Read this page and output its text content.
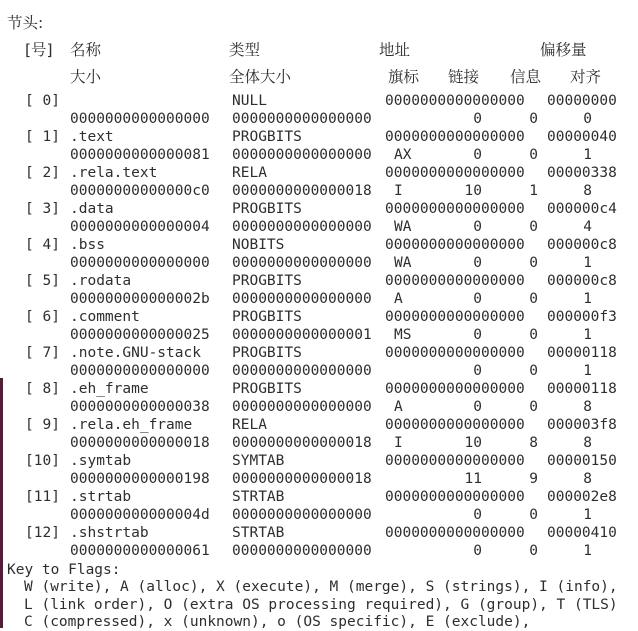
节头:
[号] 名称	类型	地址	偏移量
大小	全体大小	旗标 链接 信息 对齐
[ 0]	NULL	0000000000000000 00000000
0000000000000000 0000000000000000	0	0	0
[ 1] .text	PROGBITS	0000000000000000 00000040
0000000000000081 0000000000000000 AX	0	0	1
[ 2] .rela.text	RELA	0000000000000000 00000338
00000000000000c0 0000000000000018 I	10	1	8
[ 3] .data	PROGBITS	0000000000000000 000000c4
0000000000000004 0000000000000000 WA	0	0	4
[ 4] .bss	NOBITS	0000000000000000 000000c8
0000000000000000 0000000000000000 WA	0	0	1
[ 5] .rodata	PROGBITS	0000000000000000 000000c8
000000000000002b 0000000000000000 A	0	0	1
[ 6] .comment	PROGBITS	0000000000000000 000000f3
0000000000000025 0000000000000001 MS	0	0	1
[ 7] .note.GNU-stack PROGBITS	0000000000000000 00000118
0000000000000000 0000000000000000	0	0	1
[ 8] .eh_frame	PROGBITS	0000000000000000 00000118
0000000000000038 0000000000000000 A	0	0	8
[ 9] .rela.eh_frame	RELA	0000000000000000 000003f8
0000000000000018 0000000000000018 I	10	8	8
[10] .symtab	SYMTAB	0000000000000000 00000150
0000000000000198 0000000000000018	11	9	8
[11] .strtab	STRTAB	0000000000000000 000002e8
000000000000004d 0000000000000000	0	0	1
[12] .shstrtab	STRTAB	0000000000000000 00000410
0000000000000061 0000000000000000	0	0	1
Key to Flags:
W (write), A (alloc), X (execute), M (merge), S (strings), I (info),
L (link order), O (extra OS processing required), G (group), T (TLS)
C (compressed), x (unknown), o (OS specific), E (exclude),
